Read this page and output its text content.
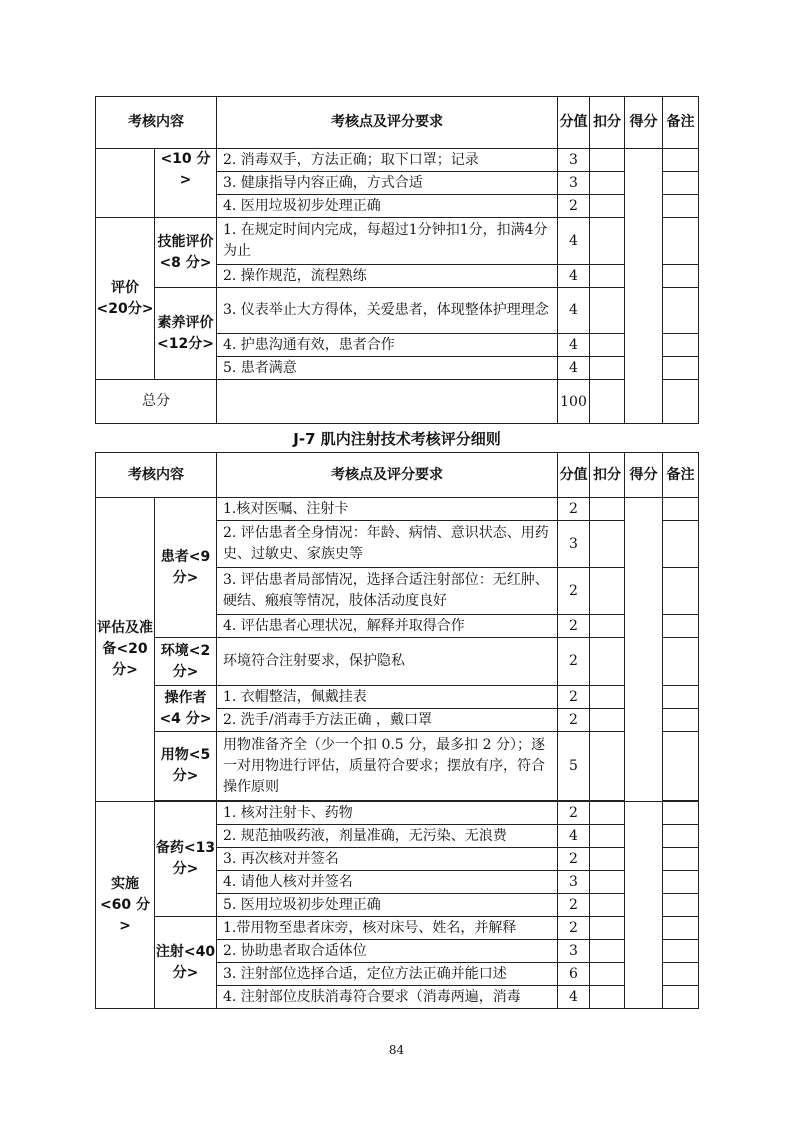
考核内容		考核点及评分要求	分值	扣分	得分	备注
	<10 分>	2. 消毒双手，方法正确；取下口罩；记录	3			
		3. 健康指导内容正确，方式合适	3			
		4. 医用垃圾初步处理正确	2			
评价<20分>	技能评价<8 分>	1. 在规定时间内完成，每超过1分钟扣1分，扣满4分为止	4			
		2. 操作规范，流程熟练	4			
	素养评价<12分>	3. 仪表举止大方得体，关爱患者，体现整体护理理念	4			
		4. 护患沟通有效，患者合作	4			
		5. 患者满意	4			
总分			100			
J-7 肌内注射技术考核评分细则
考核内容		考核点及评分要求	分值	扣分	得分	备注
评估及准备<20 分>	患者<9 分>	1.核对医嘱、注射卡	2			
		2. 评估患者全身情况：年龄、病情、意识状态、用药史、过敏史、家族史等	3			
		3. 评估患者局部情况，选择合适注射部位：无红肿、硬结、瘢痕等情况，肢体活动度良好	2			
		4. 评估患者心理状况，解释并取得合作	2			
	环境<2 分>	环境符合注射要求，保护隐私	2			
	操作者<4 分>	1. 衣帽整洁，佩戴挂表	2			
		2. 洗手/消毒手方法正确 ，戴口罩	2			
	用物<5 分>	用物准备齐全（少一个扣 0.5 分，最多扣 2 分）；逐一对用物进行评估，质量符合要求；摆放有序，符合操作原则	5			

实施<60 分>	备药<13 分>	1. 核对注射卡、药物	2			
		2. 规范抽吸药液，剂量准确，无污染、无浪费	4			
		3. 再次核对并签名	2			
		4. 请他人核对并签名	3			
		5. 医用垃圾初步处理正确	2			
	注射<40 分>	1.带用物至患者床旁，核对床号、姓名，并解释	2			
		2. 协助患者取合适体位	3			
		3. 注射部位选择合适，定位方法正确并能口述	6			
		4. 注射部位皮肤消毒符合要求（消毒两遍，消毒	4			
84
